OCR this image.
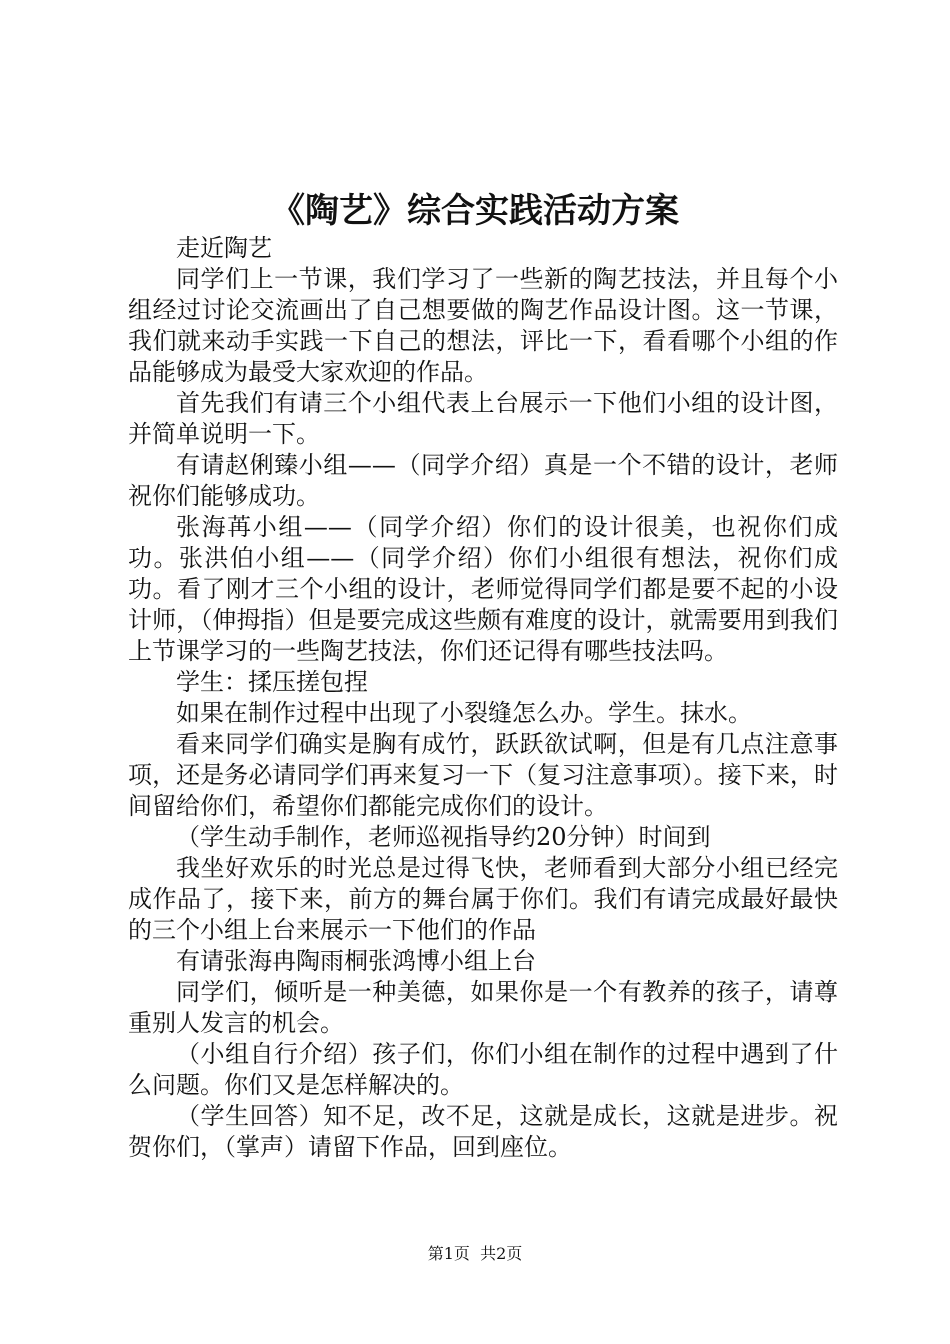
《陶艺》综合实践活动方案

走近陶艺

同学们上一节课，我们学习了一些新的陶艺技法，并且每个小组经过讨论交流画出了自己想要做的陶艺作品设计图。这一节课，我们就来动手实践一下自己的想法，评比一下，看看哪个小组的作品能够成为最受大家欢迎的作品。

首先我们有请三个小组代表上台展示一下他们小组的设计图，并简单说明一下。

有请赵俐臻小组——（同学介绍）真是一个不错的设计，老师祝你们能够成功。

张海苒小组——（同学介绍）你们的设计很美，也祝你们成功。张洪伯小组——（同学介绍）你们小组很有想法，祝你们成功。看了刚才三个小组的设计，老师觉得同学们都是要不起的小设计师，（伸拇指）但是要完成这些颇有难度的设计，就需要用到我们上节课学习的一些陶艺技法，你们还记得有哪些技法吗。

学生：揉压搓包捏

如果在制作过程中出现了小裂缝怎么办。学生。抹水。

看来同学们确实是胸有成竹，跃跃欲试啊，但是有几点注意事项，还是务必请同学们再来复习一下（复习注意事项）。接下来，时间留给你们，希望你们都能完成你们的设计。

（学生动手制作，老师巡视指导约20分钟）时间到

我坐好欢乐的时光总是过得飞快，老师看到大部分小组已经完成作品了，接下来，前方的舞台属于你们。我们有请完成最好最快的三个小组上台来展示一下他们的作品

有请张海冉陶雨桐张鸿博小组上台

同学们，倾听是一种美德，如果你是一个有教养的孩子，请尊重别人发言的机会。

（小组自行介绍）孩子们，你们小组在制作的过程中遇到了什么问题。你们又是怎样解决的。

（学生回答）知不足，改不足，这就是成长，这就是进步。祝贺你们，（掌声）请留下作品，回到座位。

第1页 共2页
